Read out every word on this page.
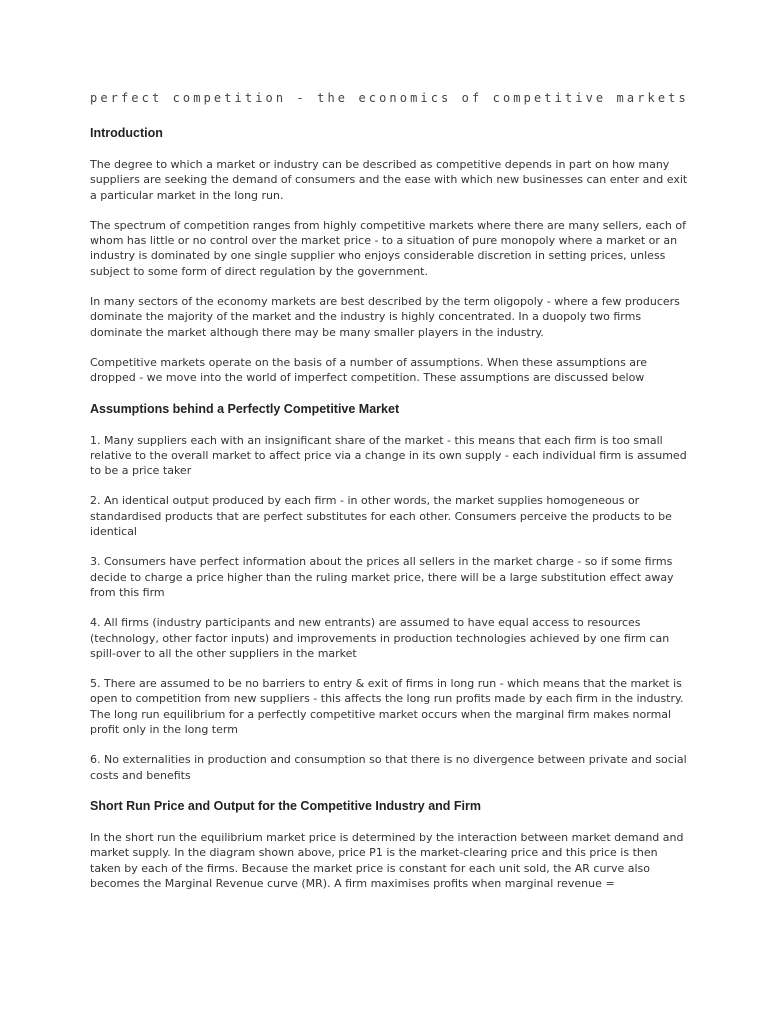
perfect competition - the economics of competitive markets
Introduction

The degree to which a market or industry can be described as competitive depends in part on how many suppliers are seeking the demand of consumers and the ease with which new businesses can enter and exit a particular market in the long run.

The spectrum of competition ranges from highly competitive markets where there are many sellers, each of whom has little or no control over the market price - to a situation of pure monopoly where a market or an industry is dominated by one single supplier who enjoys considerable discretion in setting prices, unless subject to some form of direct regulation by the government.

In many sectors of the economy markets are best described by the term oligopoly - where a few producers dominate the majority of the market and the industry is highly concentrated. In a duopoly two firms dominate the market although there may be many smaller players in the industry.

Competitive markets operate on the basis of a number of assumptions. When these assumptions are dropped - we move into the world of imperfect competition. These assumptions are discussed below

Assumptions behind a Perfectly Competitive Market

1. Many suppliers each with an insignificant share of the market - this means that each firm is too small relative to the overall market to affect price via a change in its own supply - each individual firm is assumed to be a price taker

2. An identical output produced by each firm - in other words, the market supplies homogeneous or standardised products that are perfect substitutes for each other. Consumers perceive the products to be identical

3. Consumers have perfect information about the prices all sellers in the market charge - so if some firms decide to charge a price higher than the ruling market price, there will be a large substitution effect away from this firm

4. All firms (industry participants and new entrants) are assumed to have equal access to resources (technology, other factor inputs) and improvements in production technologies achieved by one firm can spill-over to all the other suppliers in the market

5. There are assumed to be no barriers to entry & exit of firms in long run - which means that the market is open to competition from new suppliers - this affects the long run profits made by each firm in the industry. The long run equilibrium for a perfectly competitive market occurs when the marginal firm makes normal profit only in the long term

6. No externalities in production and consumption so that there is no divergence between private and social costs and benefits

Short Run Price and Output for the Competitive Industry and Firm

In the short run the equilibrium market price is determined by the interaction between market demand and market supply. In the diagram shown above, price P1 is the market-clearing price and this price is then taken by each of the firms. Because the market price is constant for each unit sold, the AR curve also becomes the Marginal Revenue curve (MR). A firm maximises profits when marginal revenue =
